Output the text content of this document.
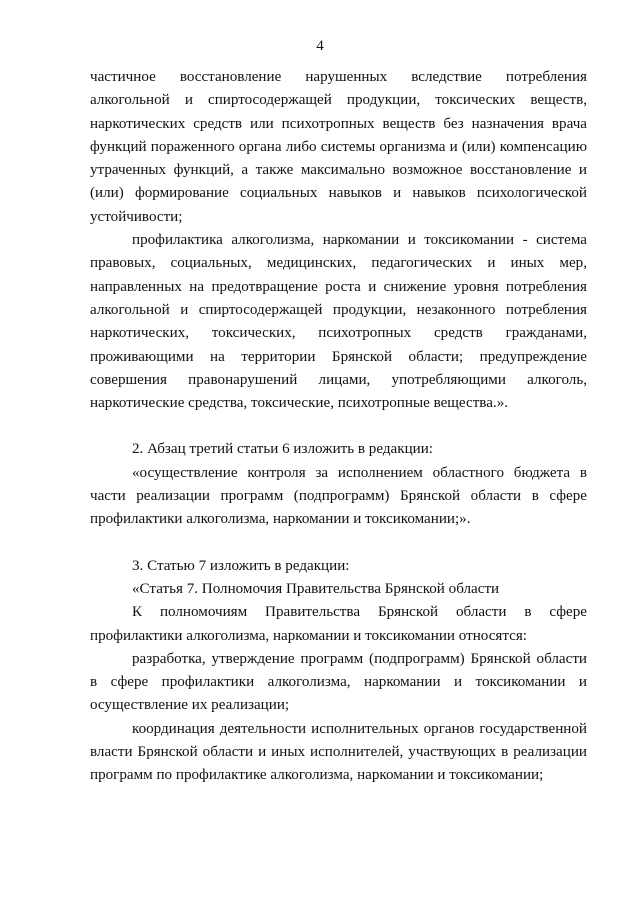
4

частичное восстановление нарушенных вследствие потребления алкогольной и спиртосодержащей продукции, токсических веществ, наркотических средств или психотропных веществ без назначения врача функций пораженного органа либо системы организма и (или) компенсацию утраченных функций, а также максимально возможное восстановление и (или) формирование социальных навыков и навыков психологической устойчивости;

профилактика алкоголизма, наркомании и токсикомании - система правовых, социальных, медицинских, педагогических и иных мер, направленных на предотвращение роста и снижение уровня потребления алкогольной и спиртосодержащей продукции, незаконного потребления наркотических, токсических, психотропных средств гражданами, проживающими на территории Брянской области; предупреждение совершения правонарушений лицами, употребляющими алкоголь, наркотические средства, токсические, психотропные вещества.».

2. Абзац третий статьи 6 изложить в редакции:

«осуществление контроля за исполнением областного бюджета в части реализации программ (подпрограмм) Брянской области в сфере профилактики алкоголизма, наркомании и токсикомании;».

3. Статью 7 изложить в редакции:

«Статья 7. Полномочия Правительства Брянской области

К полномочиям Правительства Брянской области в сфере профилактики алкоголизма, наркомании и токсикомании относятся:

разработка, утверждение программ (подпрограмм) Брянской области в сфере профилактики алкоголизма, наркомании и токсикомании и осуществление их реализации;

координация деятельности исполнительных органов государственной власти Брянской области и иных исполнителей, участвующих в реализации программ по профилактике алкоголизма, наркомании и токсикомании;
